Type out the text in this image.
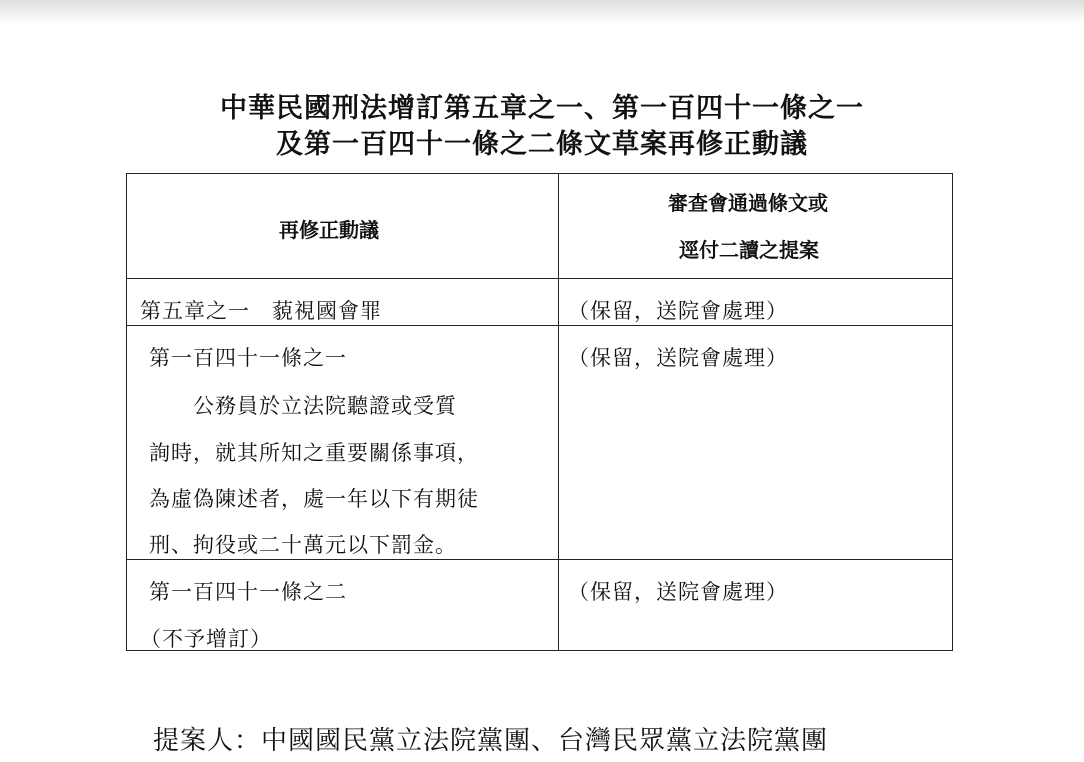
中華民國刑法增訂第五章之一、第一百四十一條之一
及第一百四十一條之二條文草案再修正動議
再修正動議
審查會通過條文或
逕付二讀之提案
第五章之一　藐視國會罪	（保留，送院會處理）
第一百四十一條之一
　　公務員於立法院聽證或受質
詢時，就其所知之重要關係事項，
為虛偽陳述者，處一年以下有期徒
刑、拘役或二十萬元以下罰金。
（保留，送院會處理）
第一百四十一條之二
（不予增訂）
（保留，送院會處理）
提案人：中國國民黨立法院黨團、台灣民眾黨立法院黨團
